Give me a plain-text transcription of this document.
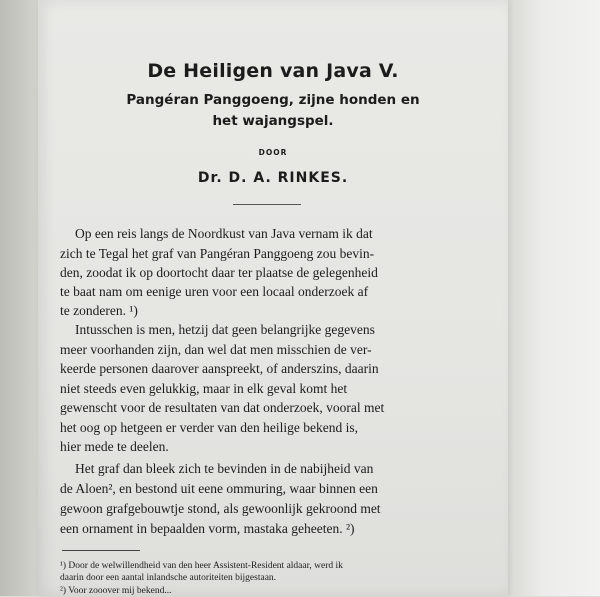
De Heiligen van Java V.
Pangéran Panggoeng, zijne honden en
het wajangspel.
DOOR
Dr. D. A. RINKES.
Op een reis langs de Noordkust van Java vernam ik dat
zich te Tegal het graf van Pangéran Panggoeng zou bevin-
den, zoodat ik op doortocht daar ter plaatse de gelegenheid
te baat nam om eenige uren voor een locaal onderzoek af
te zonderen. ¹)
Intusschen is men, hetzij dat geen belangrijke gegevens
meer voorhanden zijn, dan wel dat men misschien de ver-
keerde personen daarover aanspreekt, of anderszins, daarin
niet steeds even gelukkig, maar in elk geval komt het
gewenscht voor de resultaten van dat onderzoek, vooral met
het oog op hetgeen er verder van den heilige bekend is,
hier mede te deelen.
Het graf dan bleek zich te bevinden in de nabijheid van
de Aloen², en bestond uit eene ommuring, waar binnen een
gewoon grafgebouwtje stond, als gewoonlijk gekroond met
een ornament in bepaalden vorm, mastaka geheeten. ²)
¹) Door de welwillendheid van den heer Assistent-Resident aldaar, werd ik
daarin door een aantal inlandsche autoriteiten bijgestaan.
²) Voor zooover mij bekend...
